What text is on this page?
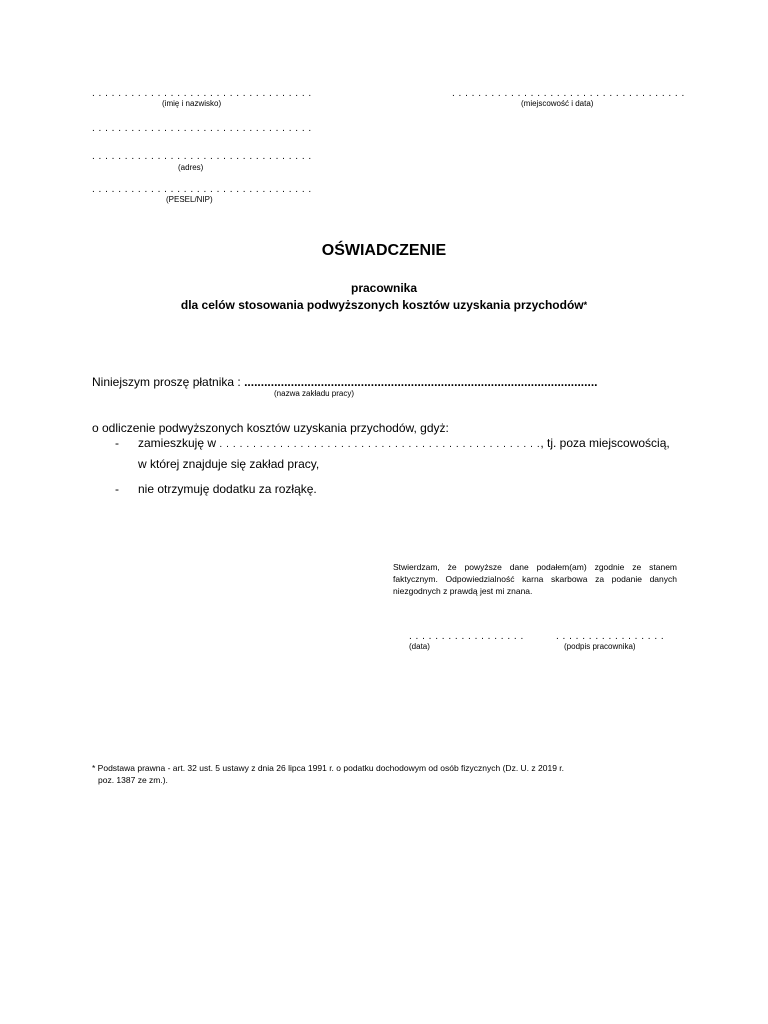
. . . . . . . . . . . . . . . . . . . . . . . . . . . . . . . . . .
(imię i nazwisko)
. . . . . . . . . . . . . . . . . . . . . . . . . . . . . . . . . . . .
(miejscowość i data)
. . . . . . . . . . . . . . . . . . . . . . . . . . . . . . . . . .
. . . . . . . . . . . . . . . . . . . . . . . . . . . . . . . . . .
(adres)
. . . . . . . . . . . . . . . . . . . . . . . . . . . . . . . . . .
(PESEL/NIP)
OŚWIADCZENIE
pracownika
dla celów stosowania podwyższonych kosztów uzyskania przychodów*
Niniejszym proszę płatnika : ..........................................................................................................
(nazwa zakładu pracy)
o odliczenie podwyższonych kosztów uzyskania przychodów, gdyż:
- zamieszkuję w . . . . . . . . . . . . . . . . . . . . . . . . . . . . . . . . . . . . . . . . . . . . . . . ., tj. poza miejscowością,
w której znajduje się zakład pracy,
- nie otrzymuję dodatku za rozłąkę.
Stwierdzam, że powyższe dane podałem(am) zgodnie ze stanem faktycznym. Odpowiedzialność karna skarbowa za podanie danych niezgodnych z prawdą jest mi znana.
. . . . . . . . . . . . . . . . . .
(data)
. . . . . . . . . . . . . . . . .
(podpis pracownika)
* Podstawa prawna - art. 32 ust. 5 ustawy z dnia 26 lipca 1991 r. o podatku dochodowym od osób fizycznych (Dz. U. z 2019 r.
poz. 1387 ze zm.).
